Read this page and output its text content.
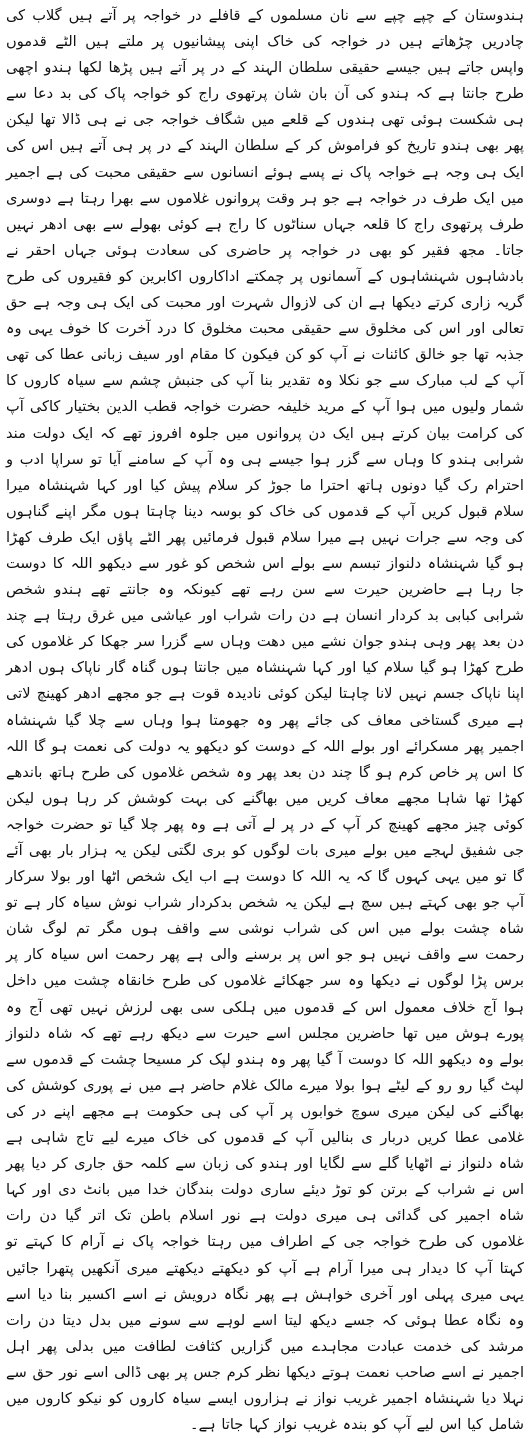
ہندوستان کے چپے چپے سے نان مسلموں کے قافلے در خواجہ پر آتے ہیں گلاب کی چادریں چڑھاتے ہیں در خواجہ کی خاک اپنی پیشانیوں پر ملتے ہیں الٹے قدموں واپس جاتے ہیں جیسے حقیقی سلطان الہند کے در پر آتے ہیں پڑھا لکھا ہندو اچھی طرح جانتا ہے کہ ہندو کی آن بان شان پرتھوی راج کو خواجہ پاک کی بد دعا سے ہی شکست ہوئی تھی ہندوں کے قلعے میں شگاف خواجہ جی نے ہی ڈالا تھا لیکن پھر بھی ہندو تاریخ کو فراموش کر کے سلطان الہند کے در پر ہی آتے ہیں اس کی ایک ہی وجہ ہے خواجہ پاک نے پسے ہوئے انسانوں سے حقیقی محبت کی ہے اجمیر میں ایک طرف در خواجہ ہے جو ہر وقت پروانوں غلاموں سے بھرا رہتا ہے دوسری طرف پرتھوی راج کا قلعہ جہاں سناٹوں کا راج ہے کوئی بھولے سے بھی ادھر نہیں جاتا۔ مجھ فقیر کو بھی در خواجہ پر حاضری کی سعادت ہوئی جہاں احقر نے بادشاہوں شہنشاہوں کے آسمانوں پر چمکتے اداکاروں اکابرین کو فقیروں کی طرح گریہ زاری کرتے دیکھا ہے ان کی لازوال شہرت اور محبت کی ایک ہی وجہ ہے حق تعالی اور اس کی مخلوق سے حقیقی محبت مخلوق کا درد آخرت کا خوف یہی وہ جذبہ تھا جو خالق کائنات نے آپ کو کن فیکون کا مقام اور سیف زبانی عطا کی تھی آپ کے لب مبارک سے جو نکلا وہ تقدیر بنا آپ کی جنبش چشم سے سیاہ کاروں کا شمار ولیوں میں ہوا آپ کے مرید خلیفہ حضرت خواجہ قطب الدین بختیار کاکی آپ کی کرامت بیان کرتے ہیں ایک دن پروانوں میں جلوہ افروز تھے کہ ایک دولت مند شرابی ہندو کا وہاں سے گزر ہوا جیسے ہی وہ آپ کے سامنے آیا تو سراپا ادب و احترام رک گیا دونوں ہاتھ احترا ما جوڑ کر سلام پیش کیا اور کہا شہنشاہ میرا سلام قبول کریں آپ کے قدموں کی خاک کو بوسہ دینا چاہتا ہوں مگر اپنے گناہوں کی وجہ سے جرات نہیں ہے میرا سلام قبول فرمائیں پھر الٹے پاؤں ایک طرف کھڑا ہو گیا شہنشاہ دلنواز تبسم سے بولے اس شخص کو غور سے دیکھو اللہ کا دوست جا رہا ہے حاضرین حیرت سے سن رہے تھے کیونکہ وہ جانتے تھے ہندو شخص شرابی کبابی بد کردار انسان ہے دن رات شراب اور عیاشی میں غرق رہتا ہے چند دن بعد پھر وہی ہندو جوان نشے میں دھت وہاں سے گزرا سر جھکا کر غلاموں کی طرح کھڑا ہو گیا سلام کیا اور کہا شہنشاہ میں جانتا ہوں گناہ گار ناپاک ہوں ادھر اپنا ناپاک جسم نہیں لانا چاہتا لیکن کوئی نادیدہ قوت ہے جو مجھے ادھر کھینچ لاتی ہے میری گستاخی معاف کی جائے پھر وہ جھومتا ہوا وہاں سے چلا گیا شہنشاہ اجمیر پھر مسکرائے اور بولے اللہ کے دوست کو دیکھو یہ دولت کی نعمت ہو گا اللہ کا اس پر خاص کرم ہو گا چند دن بعد پھر وہ شخص غلاموں کی طرح ہاتھ باندھے کھڑا تھا شاہا مجھے معاف کریں میں بھاگنے کی بہت کوشش کر رہا ہوں لیکن کوئی چیز مجھے کھینچ کر آپ کے در پر لے آتی ہے وہ پھر چلا گیا تو حضرت خواجہ جی شفیق لہجے میں بولے میری بات لوگوں کو بری لگتی لیکن یہ ہزار بار بھی آئے گا تو میں یہی کہوں گا کہ یہ اللہ کا دوست ہے اب ایک شخص اٹھا اور بولا سرکار آپ جو بھی کہتے ہیں سچ ہے لیکن یہ شخص بدکردار شراب نوش سیاہ کار ہے تو شاہ چشت بولے میں اس کی شراب نوشی سے واقف ہوں مگر تم لوگ شان رحمت سے واقف نہیں ہو جو اس پر برسنے والی ہے پھر رحمت اس سیاہ کار پر برس پڑا لوگوں نے دیکھا وہ سر جھکائے غلاموں کی طرح خانقاہ چشت میں داخل ہوا آج خلاف معمول اس کے قدموں میں ہلکی سی بھی لرزش نہیں تھی آج وہ پورے ہوش میں تھا حاضرین مجلس اسے حیرت سے دیکھ رہے تھے کہ شاہ دلنواز بولے وہ دیکھو اللہ کا دوست آ گیا پھر وہ ہندو لپک کر مسیحا چشت کے قدموں سے لپٹ گیا رو رو کے لیٹے ہوا بولا میرے مالک غلام حاضر ہے میں نے پوری کوشش کی بھاگنے کی لیکن میری سوچ خوابوں پر آپ کی ہی حکومت ہے مجھے اپنے در کی غلامی عطا کریں دربار ی بنالیں آپ کے قدموں کی خاک میرے لیے تاج شاہی ہے شاہ دلنواز نے اٹھایا گلے سے لگایا اور ہندو کی زبان سے کلمہ حق جاری کر دیا پھر اس نے شراب کے برتن کو توڑ دیئے ساری دولت بندگان خدا میں بانٹ دی اور کہا شاہ اجمیر کی گدائی ہی میری دولت ہے نور اسلام باطن تک اتر گیا دن رات غلاموں کی طرح خواجہ جی کے اطراف میں رہتا خواجہ پاک نے آرام کا کہتے تو کہتا آپ کا دیدار ہی میرا آرام ہے آپ کو دیکھتے دیکھتے میری آنکھیں پتھرا جائیں یہی میری پہلی اور آخری خواہش ہے پھر نگاہ درویش نے اسے اکسیر بنا دیا اسے وہ نگاہ عطا ہوئی کہ جسے دیکھ لیتا اسے لوہے سے سونے میں بدل دیتا دن رات مرشد کی خدمت عبادت مجاہدے میں گزاریں کثافت لطافت میں بدلی پھر اہل اجمیر نے اسے صاحب نعمت ہوتے دیکھا نظر کرم جس پر بھی ڈالی اسے نور حق سے نہلا دیا شہنشاہ اجمیر غریب نواز نے ہزاروں ایسے سیاہ کاروں کو نیکو کاروں میں شامل کیا اس لیے آپ کو بندہ غریب نواز کہا جاتا ہے۔
